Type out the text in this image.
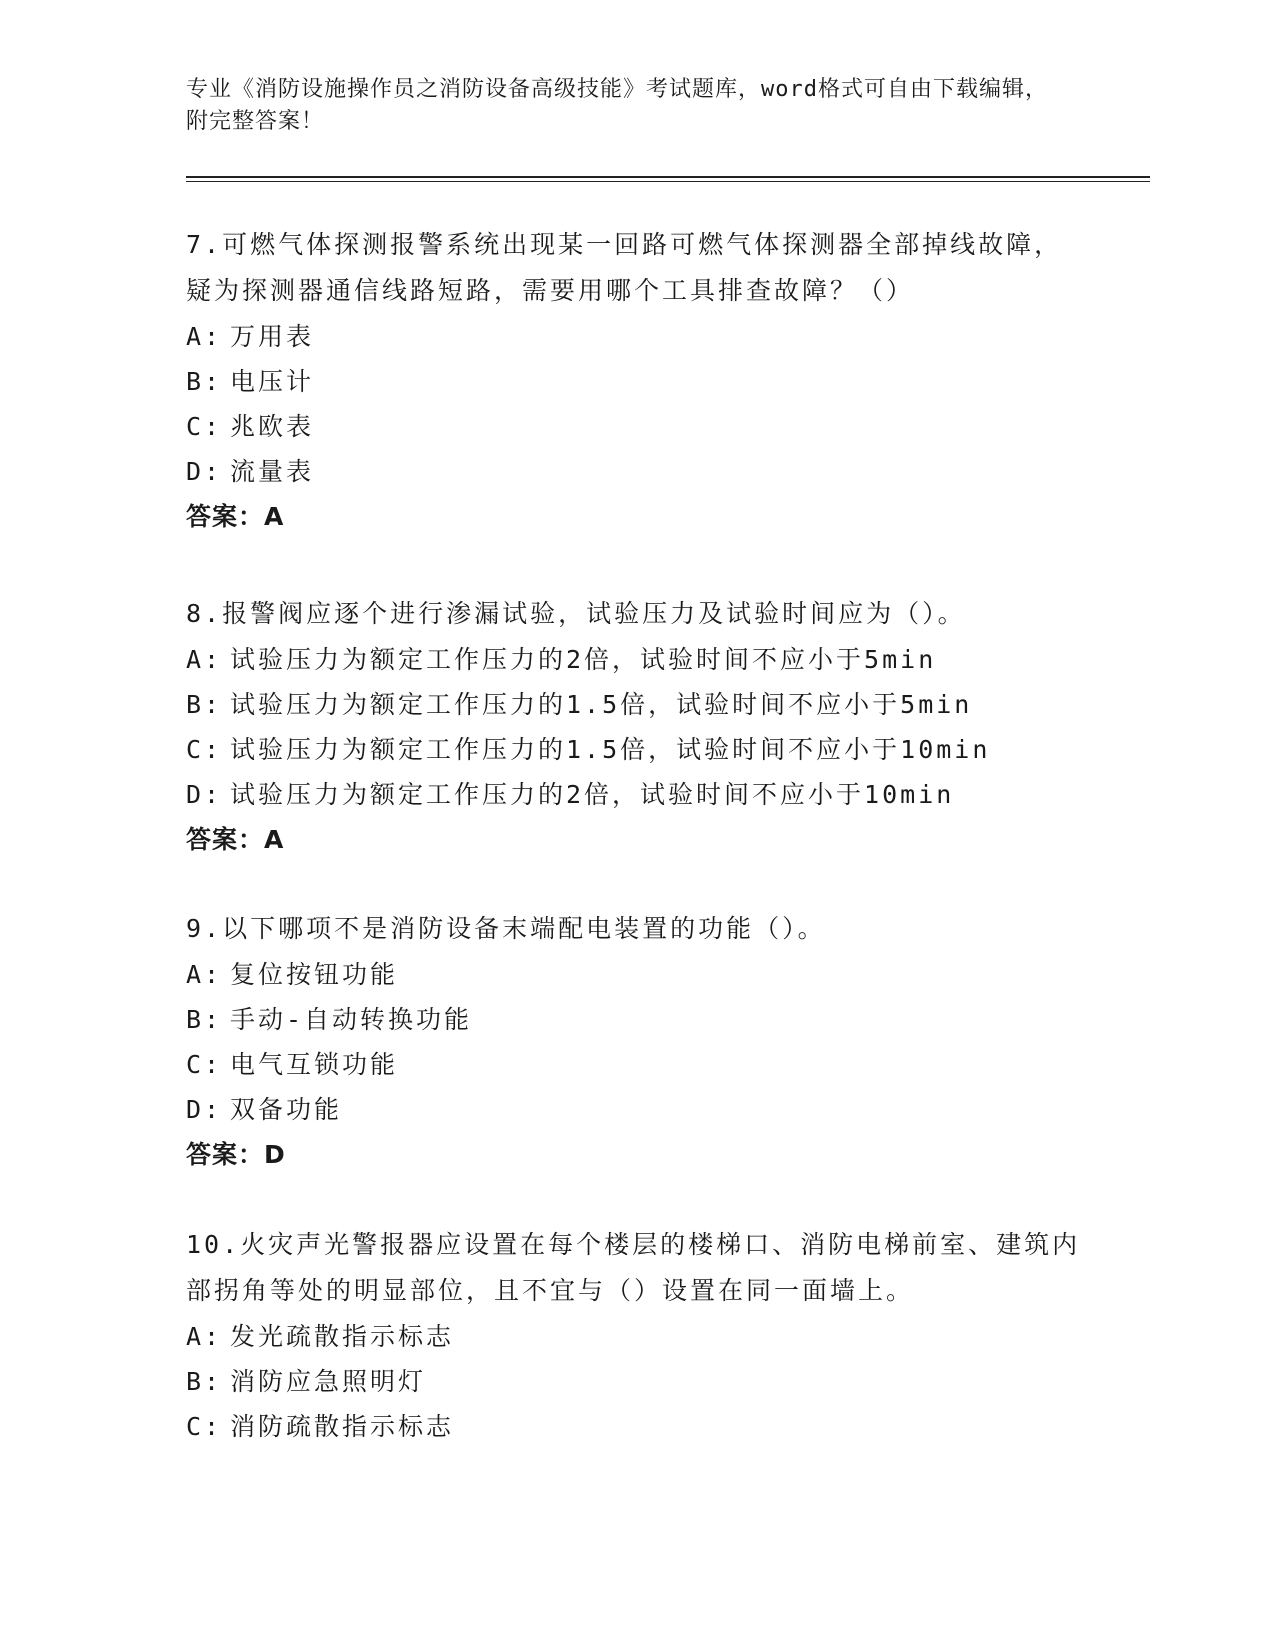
专业《消防设施操作员之消防设备高级技能》考试题库，word格式可自由下载编辑，附完整答案！
7.可燃气体探测报警系统出现某一回路可燃气体探测器全部掉线故障，疑为探测器通信线路短路，需要用哪个工具排查故障？（）
A: 万用表
B: 电压计
C: 兆欧表
D: 流量表
答案：A
8.报警阀应逐个进行渗漏试验，试验压力及试验时间应为（）。
A: 试验压力为额定工作压力的2倍，试验时间不应小于5min
B: 试验压力为额定工作压力的1.5倍，试验时间不应小于5min
C: 试验压力为额定工作压力的1.5倍，试验时间不应小于10min
D: 试验压力为额定工作压力的2倍，试验时间不应小于10min
答案：A
9.以下哪项不是消防设备末端配电装置的功能（）。
A: 复位按钮功能
B: 手动-自动转换功能
C: 电气互锁功能
D: 双备功能
答案：D
10.火灾声光警报器应设置在每个楼层的楼梯口、消防电梯前室、建筑内部拐角等处的明显部位，且不宜与（）设置在同一面墙上。
A: 发光疏散指示标志
B: 消防应急照明灯
C: 消防疏散指示标志
